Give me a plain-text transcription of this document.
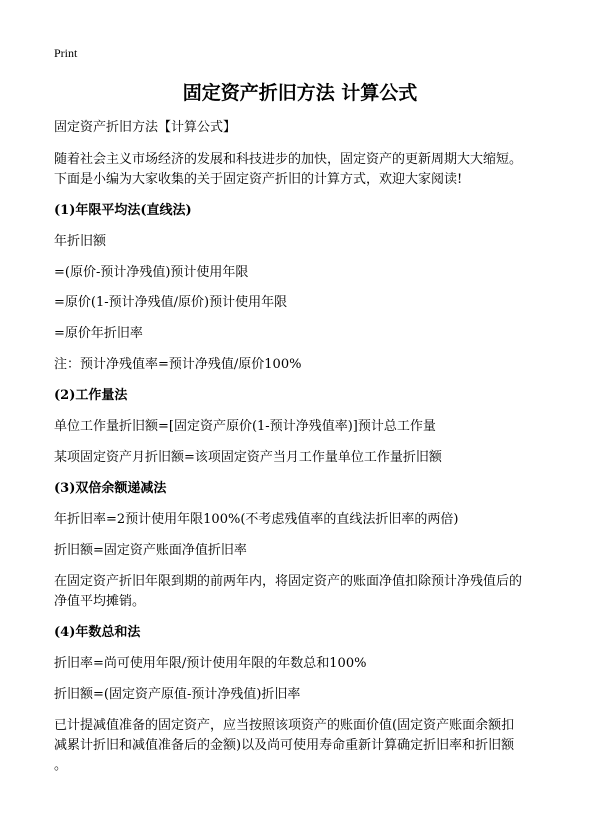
Print
固定资产折旧方法 计算公式
固定资产折旧方法【计算公式】
随着社会主义市场经济的发展和科技进步的加快，固定资产的更新周期大大缩短。
下面是小编为大家收集的关于固定资产折旧的计算方式，欢迎大家阅读!
(1)年限平均法(直线法)
年折旧额
=(原价-预计净残值)预计使用年限
=原价(1-预计净残值/原价)预计使用年限
=原价年折旧率
注：预计净残值率=预计净残值/原价100%
(2)工作量法
单位工作量折旧额=[固定资产原价(1-预计净残值率)]预计总工作量
某项固定资产月折旧额=该项固定资产当月工作量单位工作量折旧额
(3)双倍余额递减法
年折旧率=2预计使用年限100%(不考虑残值率的直线法折旧率的两倍)
折旧额=固定资产账面净值折旧率
在固定资产折旧年限到期的前两年内，将固定资产的账面净值扣除预计净残值后的
净值平均摊销。
(4)年数总和法
折旧率=尚可使用年限/预计使用年限的年数总和100%
折旧额=(固定资产原值-预计净残值)折旧率
已计提减值准备的固定资产，应当按照该项资产的账面价值(固定资产账面余额扣
减累计折旧和减值准备后的金额)以及尚可使用寿命重新计算确定折旧率和折旧额
。
